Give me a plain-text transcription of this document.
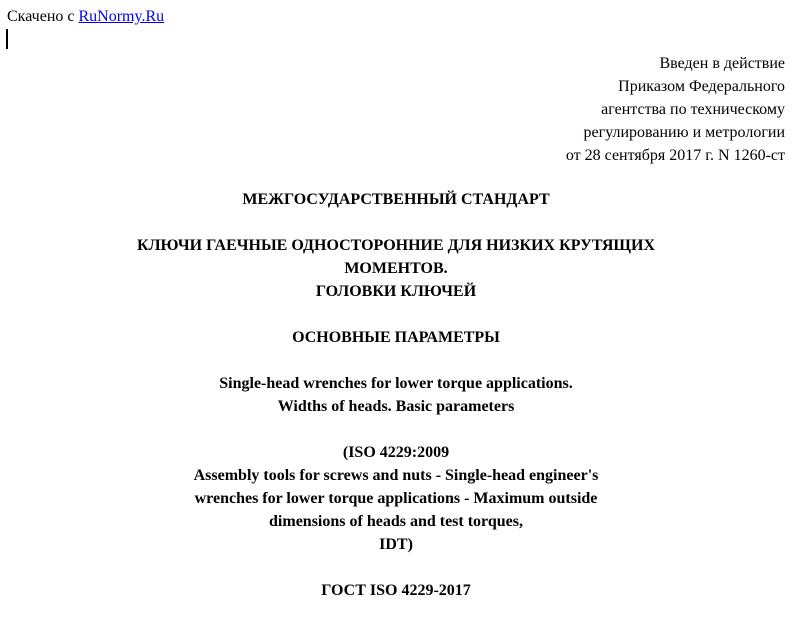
Скачено с RuNormy.Ru
Введен в действие
Приказом Федерального
агентства по техническому
регулированию и метрологии
от 28 сентября 2017 г. N 1260-ст
МЕЖГОСУДАРСТВЕННЫЙ СТАНДАРТ
КЛЮЧИ ГАЕЧНЫЕ ОДНОСТОРОННИЕ ДЛЯ НИЗКИХ КРУТЯЩИХ
МОМЕНТОВ.
ГОЛОВКИ КЛЮЧЕЙ
ОСНОВНЫЕ ПАРАМЕТРЫ
Single-head wrenches for lower torque applications.
Widths of heads. Basic parameters
(ISO 4229:2009
Assembly tools for screws and nuts - Single-head engineer's
wrenches for lower torque applications - Maximum outside
dimensions of heads and test torques,
IDT)
ГОСТ ISO 4229-2017
